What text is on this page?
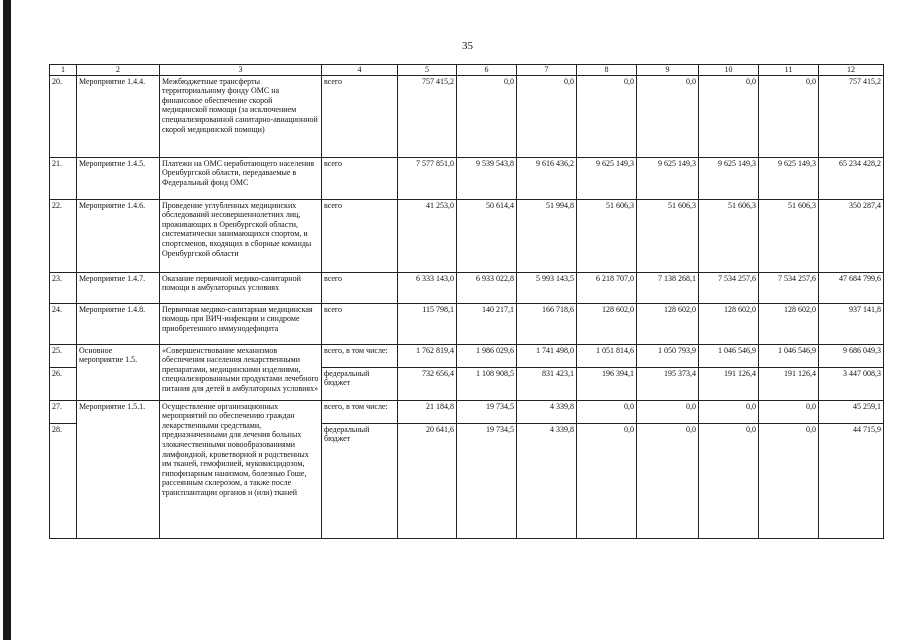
35
1	2	3	4	5	6	7	8	9	10	11	12
20.	Мероприятие 1.4.4.	Межбюджетные трансферты территориальному фонду ОМС на финансовое обеспечение скорой медицинской помощи (за исключением специализированной санитарно-авиационной скорой медицинской помощи)	всего	757 415,2	0,0	0,0	0,0	0,0	0,0	0,0	757 415,2
21.	Мероприятие 1.4.5.	Платежи на ОМС неработающего населения Оренбургской области, передаваемые в Федеральный фонд ОМС	всего	7 577 851,0	9 539 543,8	9 616 436,2	9 625 149,3	9 625 149,3	9 625 149,3	9 625 149,3	65 234 428,2
22.	Мероприятие 1.4.6.	Проведение углубленных медицинских обследований несовершеннолетних лиц, проживающих в Оренбургской области, систематически занимающихся спортом, и спортсменов, входящих в сборные команды Оренбургской области	всего	41 253,0	50 614,4	51 994,8	51 606,3	51 606,3	51 606,3	51 606,3	350 287,4
23.	Мероприятие 1.4.7.	Оказание первичной медико-санитарной помощи в амбулаторных условиях	всего	6 333 143,0	6 933 022,8	5 993 143,5	6 218 707,0	7 138 268,1	7 534 257,6	7 534 257,6	47 684 799,6
24.	Мероприятие 1.4.8.	Первичная медико-санитарная медицинская помощь при ВИЧ-инфекции и синдроме приобретенного иммунодефицита	всего	115 798,1	140 217,1	166 718,6	128 602,0	128 602,0	128 602,0	128 602,0	937 141,8
25.	Основное мероприятие 1.5.	«Совершенствование механизмов обеспечения населения лекарственными препаратами, медицинскими изделиями, специализированными продуктами лечебного питания для детей в амбулаторных условиях»	всего, в том числе:	1 762 819,4	1 986 029,6	1 741 498,0	1 051 814,6	1 050 793,9	1 046 546,9	1 046 546,9	9 686 049,3
26.			федеральный бюджет	732 656,4	1 108 908,5	831 423,1	196 394,1	195 373,4	191 126,4	191 126,4	3 447 008,3
27.	Мероприятие 1.5.1.	Осуществление организационных мероприятий по обеспечению граждан лекарственными средствами, предназначенными для лечения больных злокачественными новообразованиями лимфоидной, кроветворной и родственных им тканей, гемофилией, муковисцидозом, гипофизарным нанизмом, болезнью Гоше, рассеянным склерозом, а также после трансплантации органов и (или) тканей	всего, в том числе:	21 184,8	19 734,5	4 339,8	0,0	0,0	0,0	0,0	45 259,1
28.			федеральный бюджет	20 641,6	19 734,5	4 339,8	0,0	0,0	0,0	0,0	44 715,9
